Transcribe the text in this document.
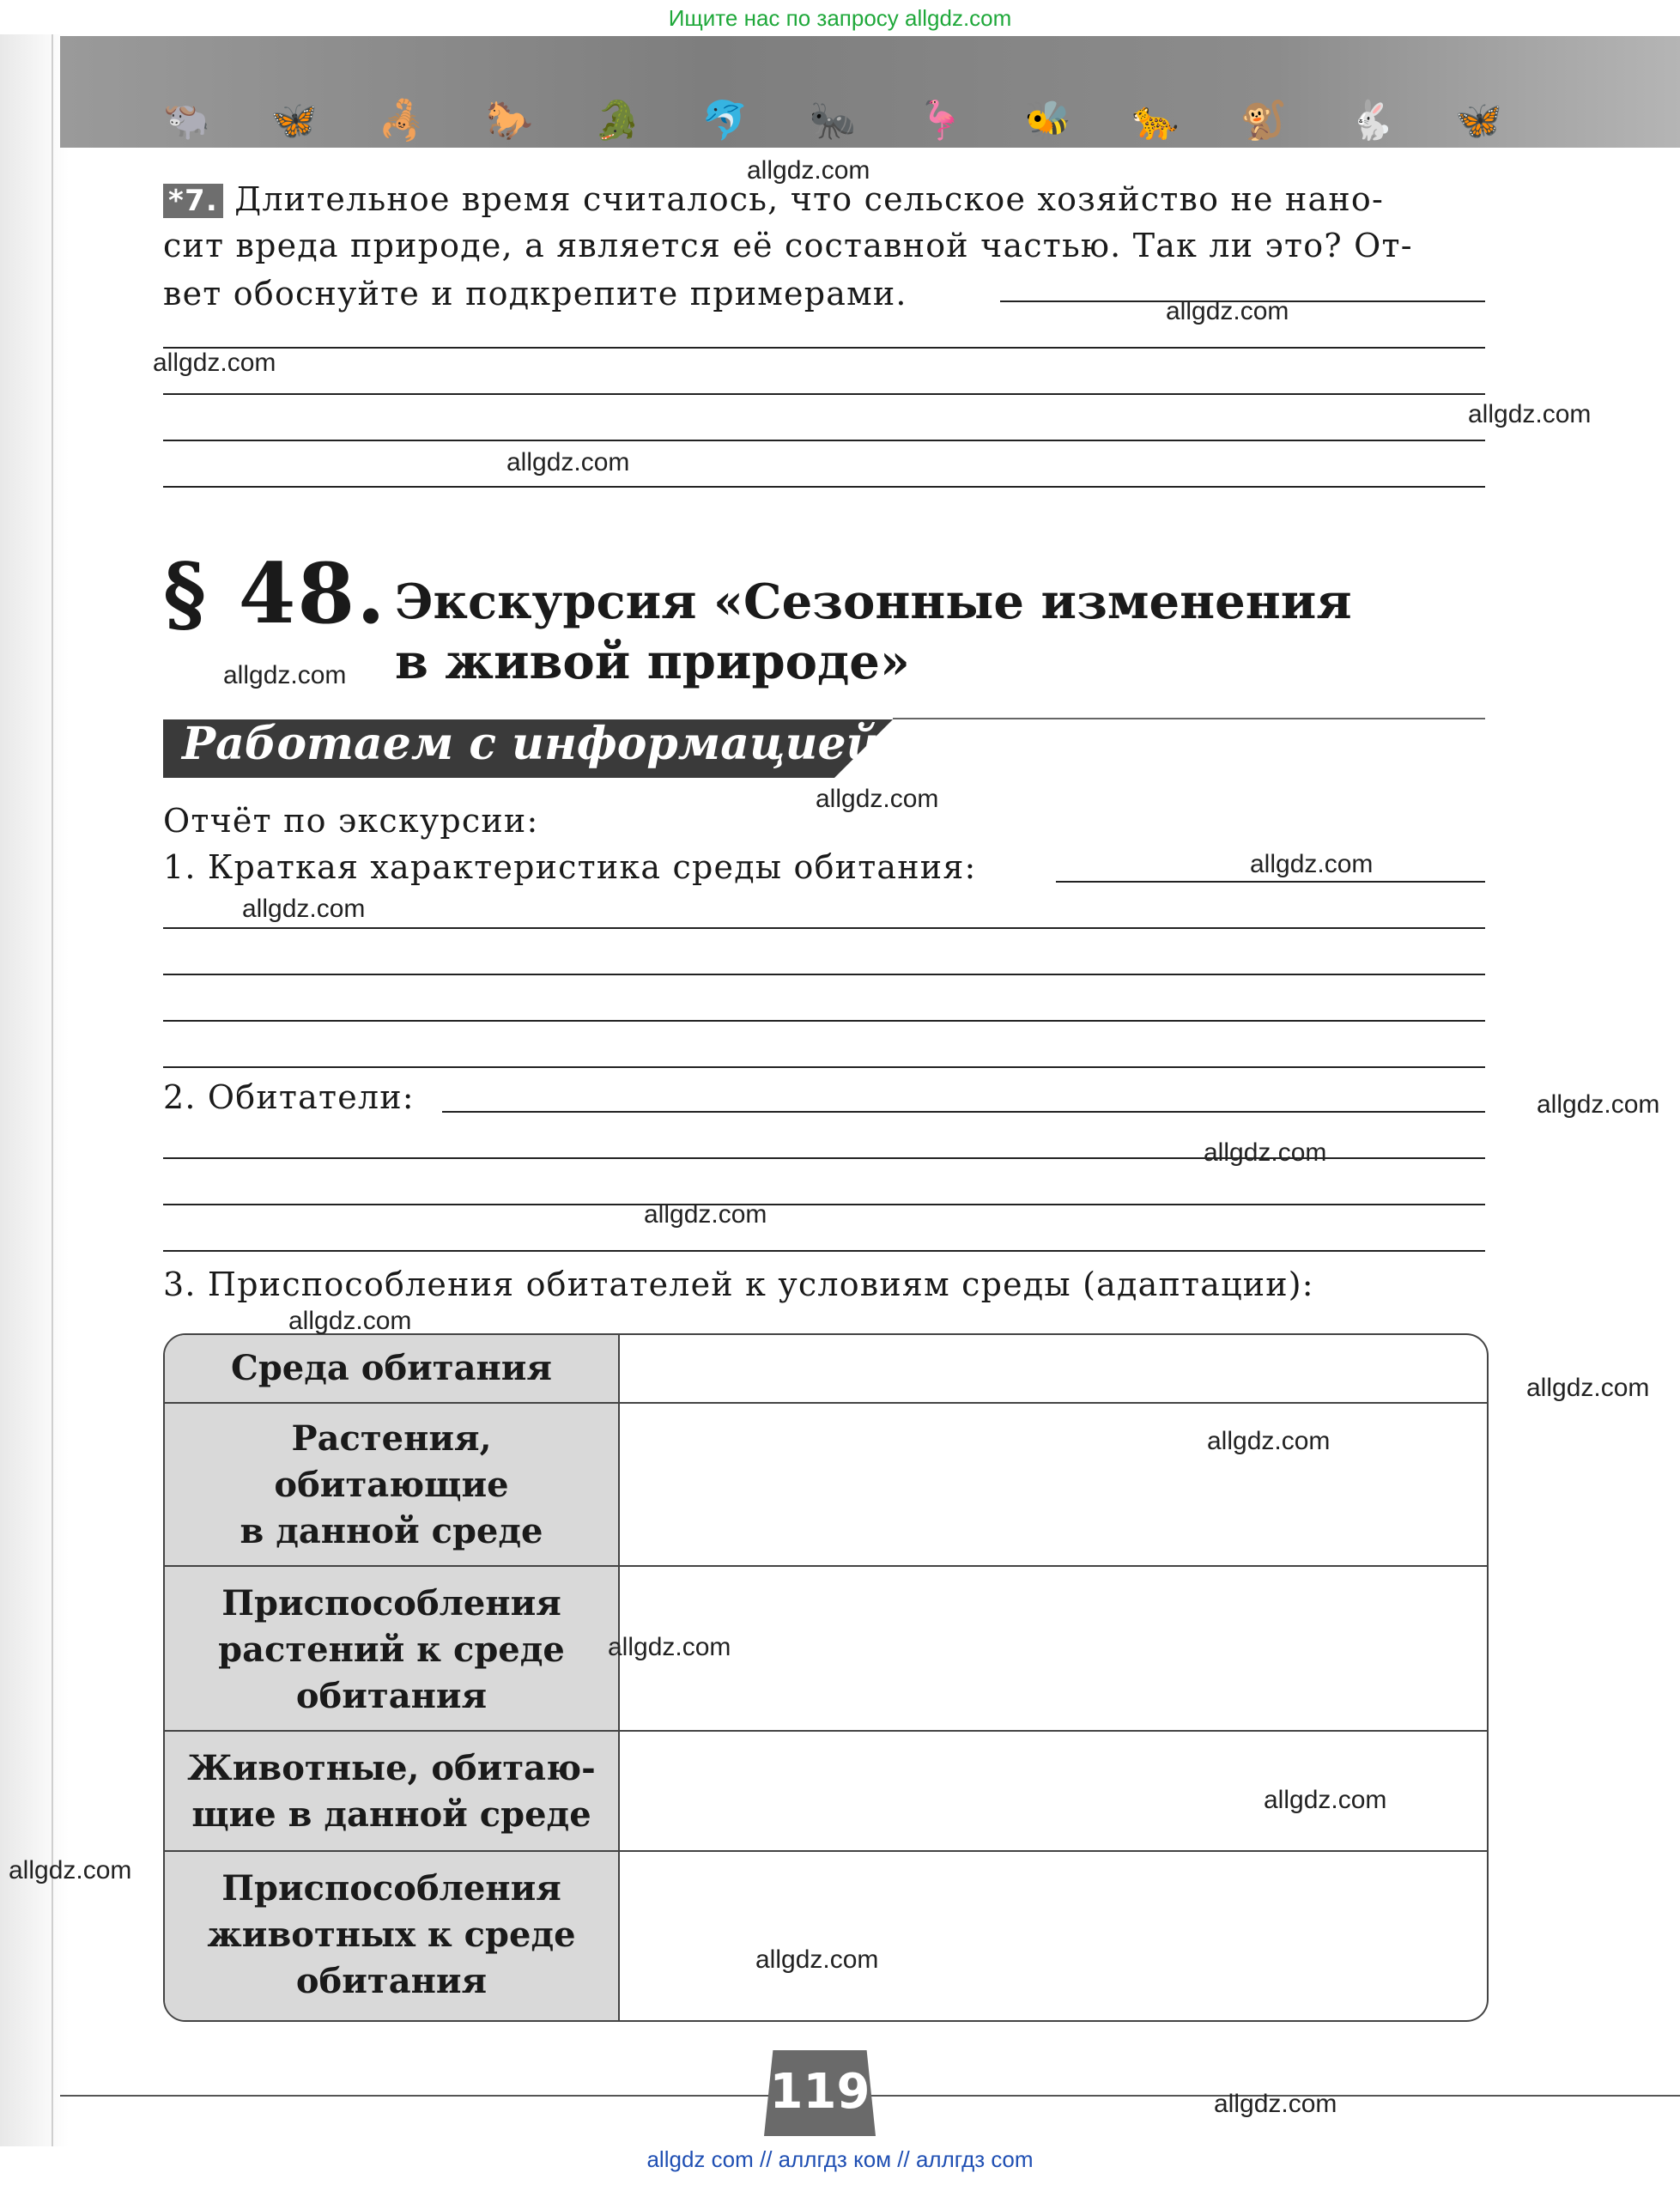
Ищите нас по запросу allgdz.com
🐃 🦋 🦂 🐎 🐊 🐬 🐜 🦩 🐝 🐆 🐒 🐇 🦋
*7. Длительное время считалось, что сельское хозяйство не нано-
сит вреда природе, а является её составной частью. Так ли это? От-
вет обоснуйте и подкрепите примерами.
§ 48. Экскурсия «Сезонные изменения
в живой природе»
Работаем с информацией
Отчёт по экскурсии:
1. Краткая характеристика среды обитания:
2. Обитатели:
3. Приспособления обитателей к условиям среды (адаптации):
Среда обитания
Растения,
обитающие
в данной среде
Приспособления
растений к среде
обитания
Животные, обитаю-
щие в данной среде
Приспособления
животных к среде
обитания
119
allgdz com // аллгдз ком // аллгдз com
allgdz.com
allgdz.com
allgdz.com
allgdz.com
allgdz.com
allgdz.com
allgdz.com
allgdz.com
allgdz.com
allgdz.com
allgdz.com
allgdz.com
allgdz.com
allgdz.com
allgdz.com
allgdz.com
allgdz.com
allgdz.com
allgdz.com
allgdz.com
